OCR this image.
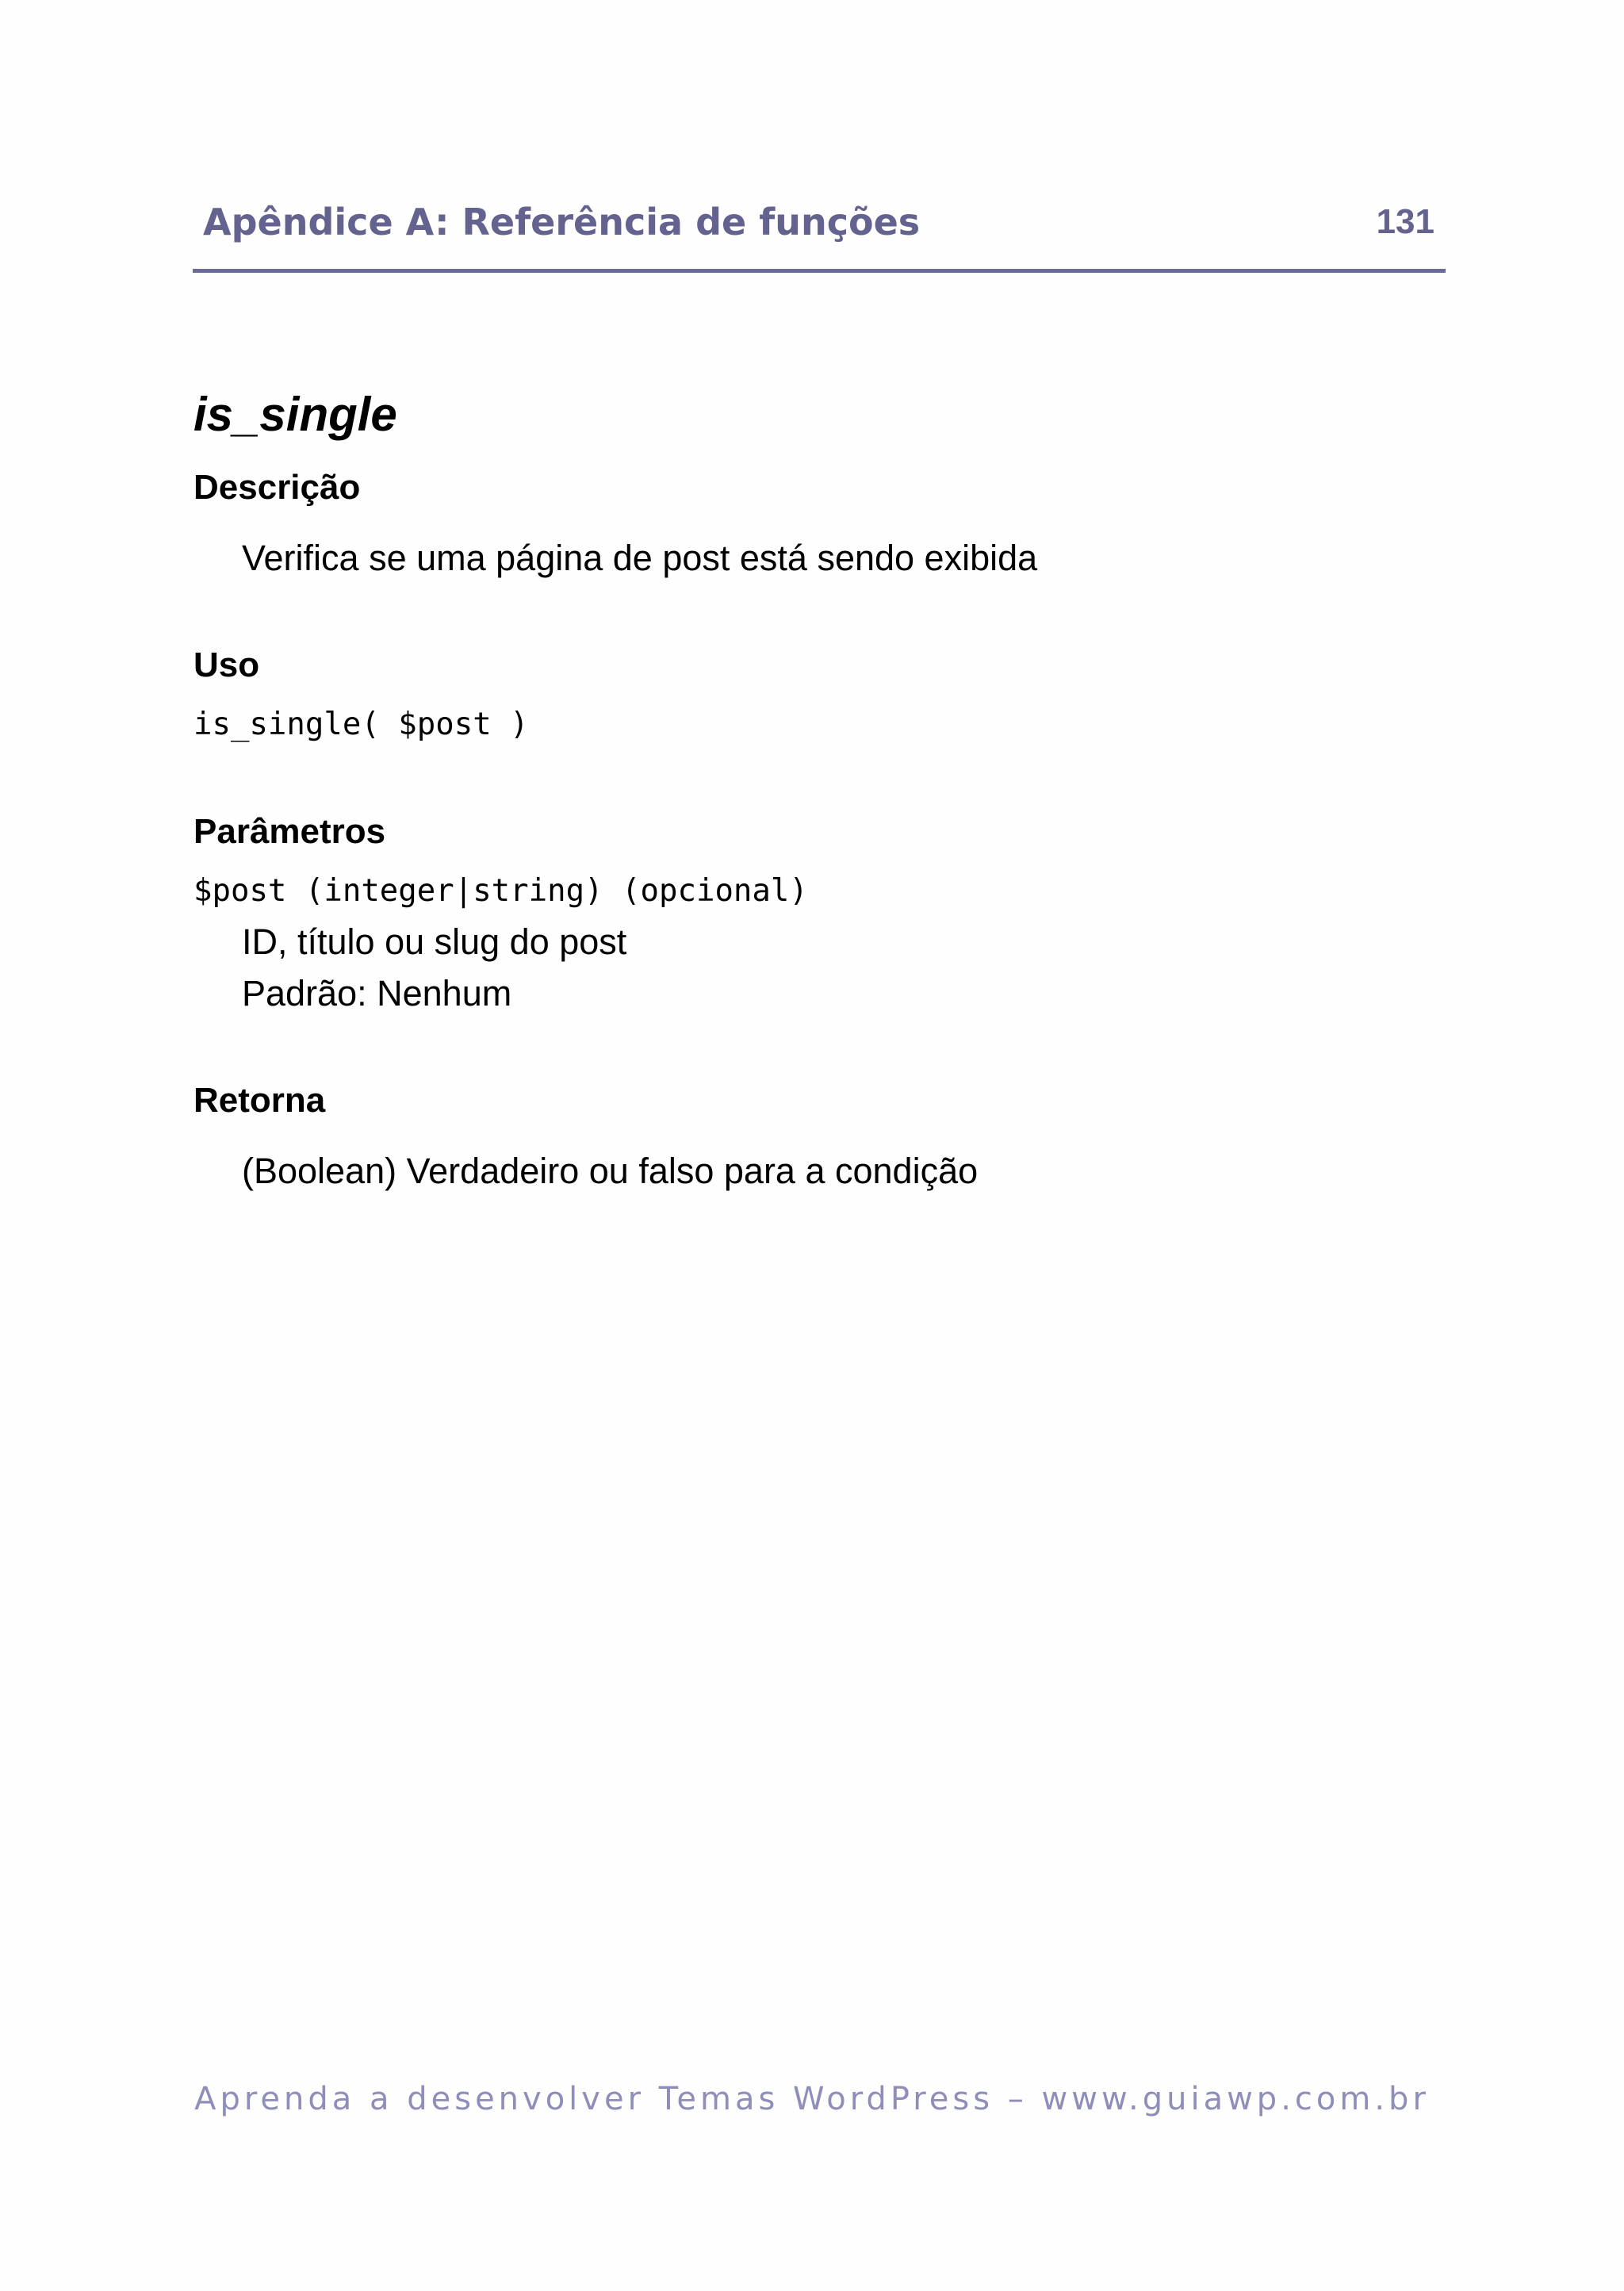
Apêndice A: Referência de funções	131
is_single
Descrição
Verifica se uma página de post está sendo exibida
Uso
is_single( $post )
Parâmetros
$post (integer|string) (opcional)
ID, título ou slug do post
Padrão: Nenhum
Retorna
(Boolean) Verdadeiro ou falso para a condição
Aprenda a desenvolver Temas WordPress – www.guiawp.com.br
